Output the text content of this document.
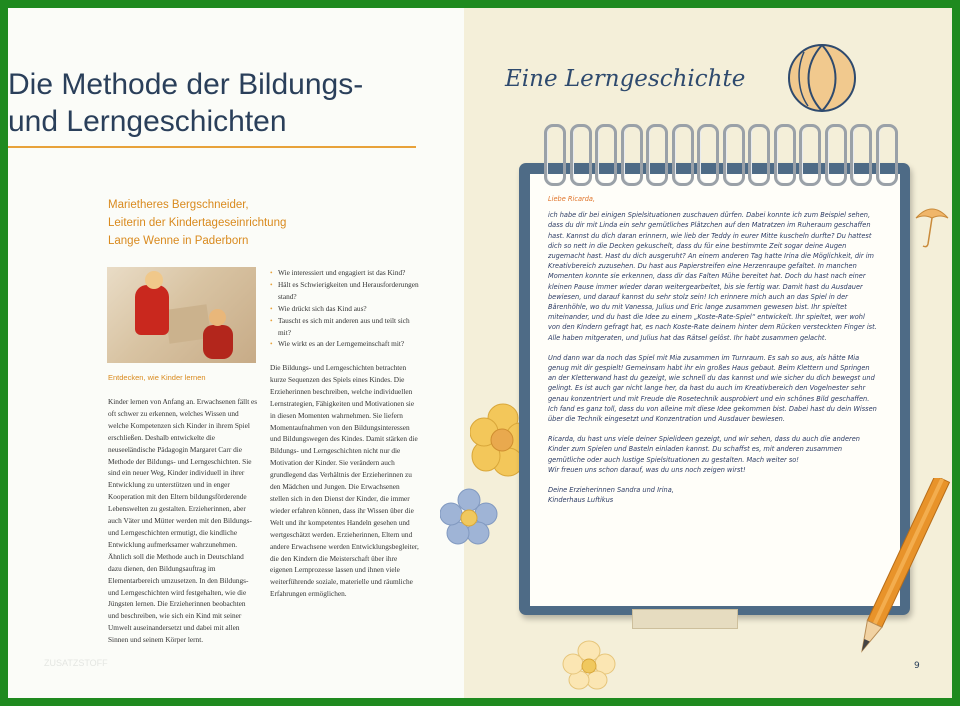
Die Methode der Bildungs-
und Lerngeschichten
Marietheres Bergschneider,
Leiterin der Kindertageseinrichtung
Lange Wenne in Paderborn
Entdecken, wie Kinder lernen
Kinder lernen von Anfang an. Erwachsenen fällt es oft schwer zu erkennen, welches Wissen und welche Kompetenzen sich Kinder in ihrem Spiel erschließen. Deshalb entwickelte die neuseeländische Pädagogin Margaret Carr die Methode der Bildungs- und Lerngeschichten. Sie sind ein neuer Weg, Kinder individuell in ihrer Entwicklung zu unterstützen und in enger Kooperation mit den Eltern bildungsförderende Lebenswelten zu gestalten. Erzieherinnen, aber auch Väter und Mütter werden mit den Bildungs- und Lerngeschichten ermutigt, die kindliche Entwicklung aufmerksamer wahrzunehmen. Ähnlich soll die Methode auch in Deutschland dazu dienen, den Bildungsauftrag im Elementarbereich umzusetzen. In den Bildungs- und Lerngeschichten wird festgehalten, wie die Jüngsten lernen. Die Erzieherinnen beobachten und beschreiben, wie sich ein Kind mit seiner Umwelt auseinandersetzt und dabei mit allen Sinnen und seinem Körper lernt.
• Wie interessiert und engagiert ist das Kind?
• Hält es Schwierigkeiten und Herausforderungen stand?
• Wie drückt sich das Kind aus?
• Tauscht es sich mit anderen aus und teilt sich mit?
• Wie wirkt es an der Lerngemeinschaft mit?
Die Bildungs- und Lerngeschichten betrachten kurze Sequenzen des Spiels eines Kindes. Die Erzieherinnen beschreiben, welche individuellen Lernstrategien, Fähigkeiten und Motivationen sie in diesen Momenten wahrnehmen. Sie liefern Momentaufnahmen von den Bildungsinteressen und Bildungswegen des Kindes. Damit stärken die Bildungs- und Lerngeschichten nicht nur die Motivation der Kinder. Sie verändern auch grundlegend das Verhältnis der Erzieherinnen zu den Mädchen und Jungen. Die Erwachsenen stellen sich in den Dienst der Kinder, die immer wieder erfahren können, dass ihr Wissen über die Welt und ihr kompetentes Handeln gesehen und wertgeschätzt werden. Erzieherinnen, Eltern und andere Erwachsene werden Entwicklungsbegleiter, die den Kindern die Meisterschaft über ihre eigenen Lernprozesse lassen und ihnen viele weiterführende soziale, materielle und räumliche Erfahrungen ermöglichen.
ZUSATZSTOFF
Eine Lerngeschichte

Liebe Ricarda,

ich habe dir bei einigen Spielsituationen zuschauen dürfen. Dabei konnte ich zum Beispiel sehen, dass du dir mit Linda ein sehr gemütliches Plätzchen auf den Matratzen im Ruheraum geschaffen hast. Kannst du dich daran erinnern, wie lieb der Teddy in eurer Mitte kuscheln durfte? Du hattest dich so nett in die Decken gekuschelt, dass du für eine bestimmte Zeit sogar deine Augen zugemacht hast. Hast du dich ausgeruht? An einem anderen Tag hatte Irina die Möglichkeit, dir im Kreativbereich zuzusehen. Du hast aus Papierstreifen eine Herzenraupe gefaltet. In manchen Momenten konnte sie erkennen, dass dir das Falten Mühe bereitet hat. Doch du hast nach einer kleinen Pause immer wieder daran weitergearbeitet, bis sie fertig war. Damit hast du Ausdauer bewiesen, und darauf kannst du sehr stolz sein! Ich erinnere mich auch an das Spiel in der Bärenhöhle, wo du mit Vanessa, Julius und Eric lange zusammen gewesen bist. Ihr spieltet miteinander, und du hast die Idee zu einem „Koste-Rate-Spiel“ entwickelt. Ihr spieltet, wer wohl von den Kindern gefragt hat, es nach Koste-Rate deinem hinter dem Rücken versteckten Finger ist. Alle haben mitgeraten, und Julius hat das Rätsel gelöst. Ihr habt zusammen gelacht.

Und dann war da noch das Spiel mit Mia zusammen im Turnraum. Es sah so aus, als hätte Mia genug mit dir gespielt! Gemeinsam habt ihr ein großes Haus gebaut. Beim Klettern und Springen an der Kletterwand hast du gezeigt, wie schnell du das kannst und wie sicher du dich bewegst und gelingt. Es ist auch gar nicht lange her, da hast du auch im Kreativbereich den Vogelnester sehr genau konzentriert und mit Freude die Rosetechnik ausprobiert und ein schönes Bild geschaffen. Ich fand es ganz toll, dass du von alleine mit diese Idee gekommen bist. Dabei hast du dein Wissen über die Technik eingesetzt und Konzentration und Ausdauer bewiesen.

Ricarda, du hast uns viele deiner Spielideen gezeigt, und wir sehen, dass du auch die anderen Kinder zum Spielen und Basteln einladen kannst. Du schaffst es, mit anderen zusammen gemütliche oder auch lustige Spielsituationen zu gestalten. Mach weiter so!

Wir freuen uns schon darauf, was du uns noch zeigen wirst!

Deine Erzieherinnen Sandra und Irina,

Kinderhaus Luftikus

9
